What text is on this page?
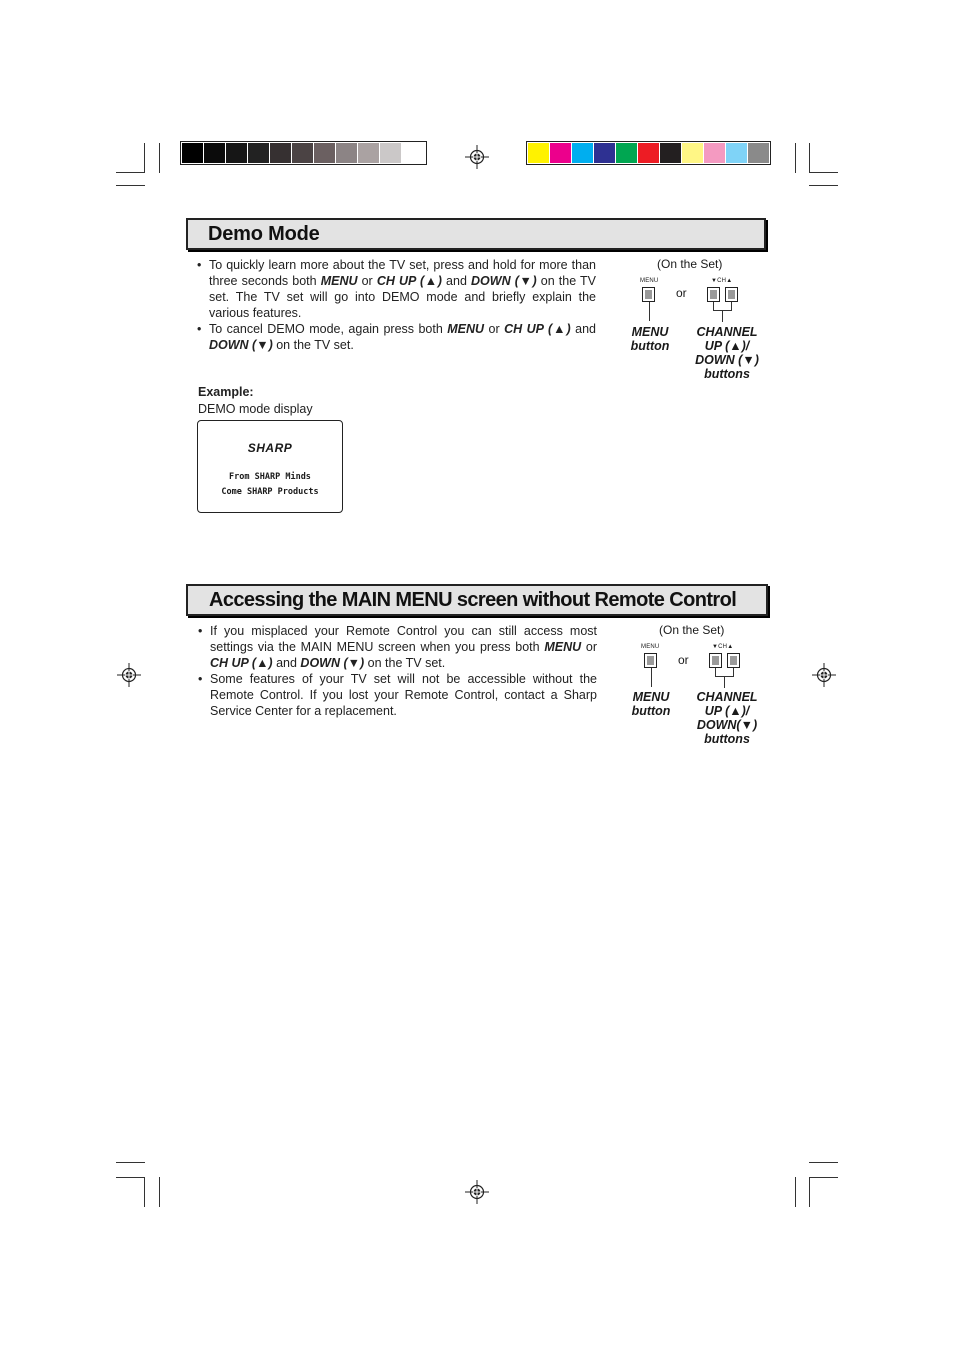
Demo Mode
• To quickly learn more about the TV set, press and hold for more than three seconds both MENU or CH UP (▲) and DOWN (▼) on the TV set. The TV set will go into DEMO mode and briefly explain the various features.
• To cancel DEMO mode, again press both MENU or CH UP (▲) and DOWN (▼) on the TV set.
(On the Set)
MENU
or
▼CH▲
MENU
button
CHANNEL
UP (▲)/
DOWN (▼)
buttons
Example:
DEMO mode display
SHARP
From SHARP Minds
Come SHARP Products
Accessing the MAIN MENU screen without Remote Control
• If you misplaced your Remote Control you can still access most settings via the MAIN MENU screen when you press both MENU or CH UP (▲) and DOWN (▼) on the TV set.
• Some features of your TV set will not be accessible without the Remote Control. If you lost your Remote Control, contact a Sharp Service Center for a replacement.
(On the Set)
MENU
or
▼CH▲
MENU
button
CHANNEL
UP (▲)/
DOWN(▼)
buttons
